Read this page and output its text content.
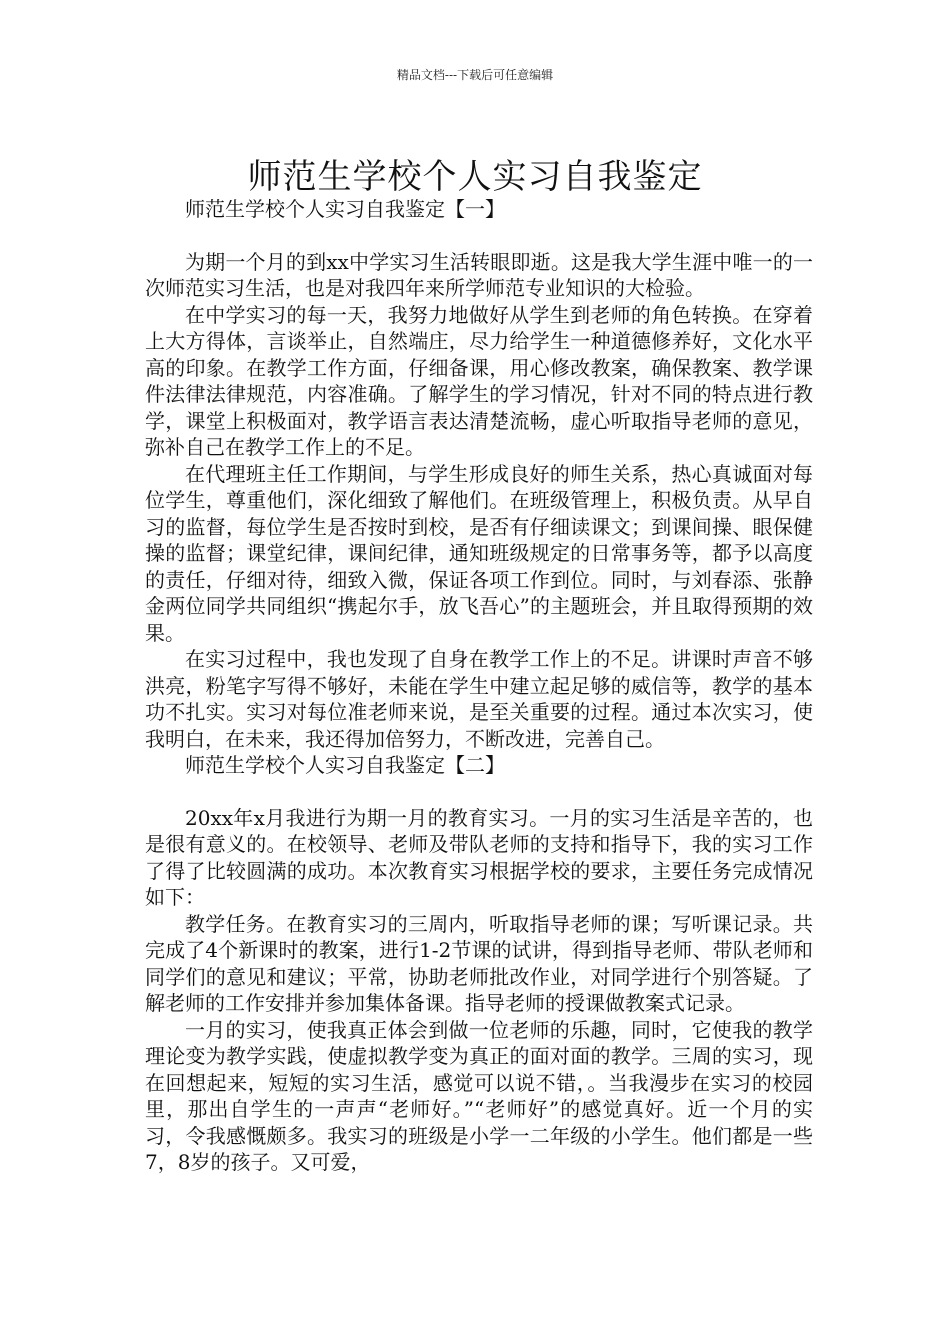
精品文档---下载后可任意编辑
师范生学校个人实习自我鉴定

师范生学校个人实习自我鉴定【一】

为期一个月的到xx中学实习生活转眼即逝。这是我大学生涯中唯一的一次师范实习生活，也是对我四年来所学师范专业知识的大检验。

在中学实习的每一天，我努力地做好从学生到老师的角色转换。在穿着上大方得体，言谈举止，自然端庄，尽力给学生一种道德修养好，文化水平高的印象。在教学工作方面，仔细备课，用心修改教案，确保教案、教学课件法律法律规范，内容准确。了解学生的学习情况，针对不同的特点进行教学，课堂上积极面对，教学语言表达清楚流畅，虚心听取指导老师的意见，弥补自己在教学工作上的不足。

在代理班主任工作期间，与学生形成良好的师生关系，热心真诚面对每位学生，尊重他们，深化细致了解他们。在班级管理上，积极负责。从早自习的监督，每位学生是否按时到校，是否有仔细读课文；到课间操、眼保健操的监督；课堂纪律，课间纪律，通知班级规定的日常事务等，都予以高度的责任，仔细对待，细致入微，保证各项工作到位。同时，与刘春添、张静金两位同学共同组织“携起尔手，放飞吾心”的主题班会，并且取得预期的效果。

在实习过程中，我也发现了自身在教学工作上的不足。讲课时声音不够洪亮，粉笔字写得不够好，未能在学生中建立起足够的威信等，教学的基本功不扎实。实习对每位准老师来说，是至关重要的过程。通过本次实习，使我明白，在未来，我还得加倍努力，不断改进，完善自己。

师范生学校个人实习自我鉴定【二】

20xx年x月我进行为期一月的教育实习。一月的实习生活是辛苦的，也是很有意义的。在校领导、老师及带队老师的支持和指导下，我的实习工作了得了比较圆满的成功。本次教育实习根据学校的要求，主要任务完成情况如下：

教学任务。在教育实习的三周内，听取指导老师的课；写听课记录。共完成了4个新课时的教案，进行1-2节课的试讲，得到指导老师、带队老师和同学们的意见和建议；平常，协助老师批改作业，对同学进行个别答疑。了解老师的工作安排并参加集体备课。指导老师的授课做教案式记录。

一月的实习，使我真正体会到做一位老师的乐趣，同时，它使我的教学理论变为教学实践，使虚拟教学变为真正的面对面的教学。三周的实习，现在回想起来，短短的实习生活，感觉可以说不错，。当我漫步在实习的校园里，那出自学生的一声声“老师好。”“老师好”的感觉真好。近一个月的实习，令我感慨颇多。我实习的班级是小学一二年级的小学生。他们都是一些7，8岁的孩子。又可爱，
